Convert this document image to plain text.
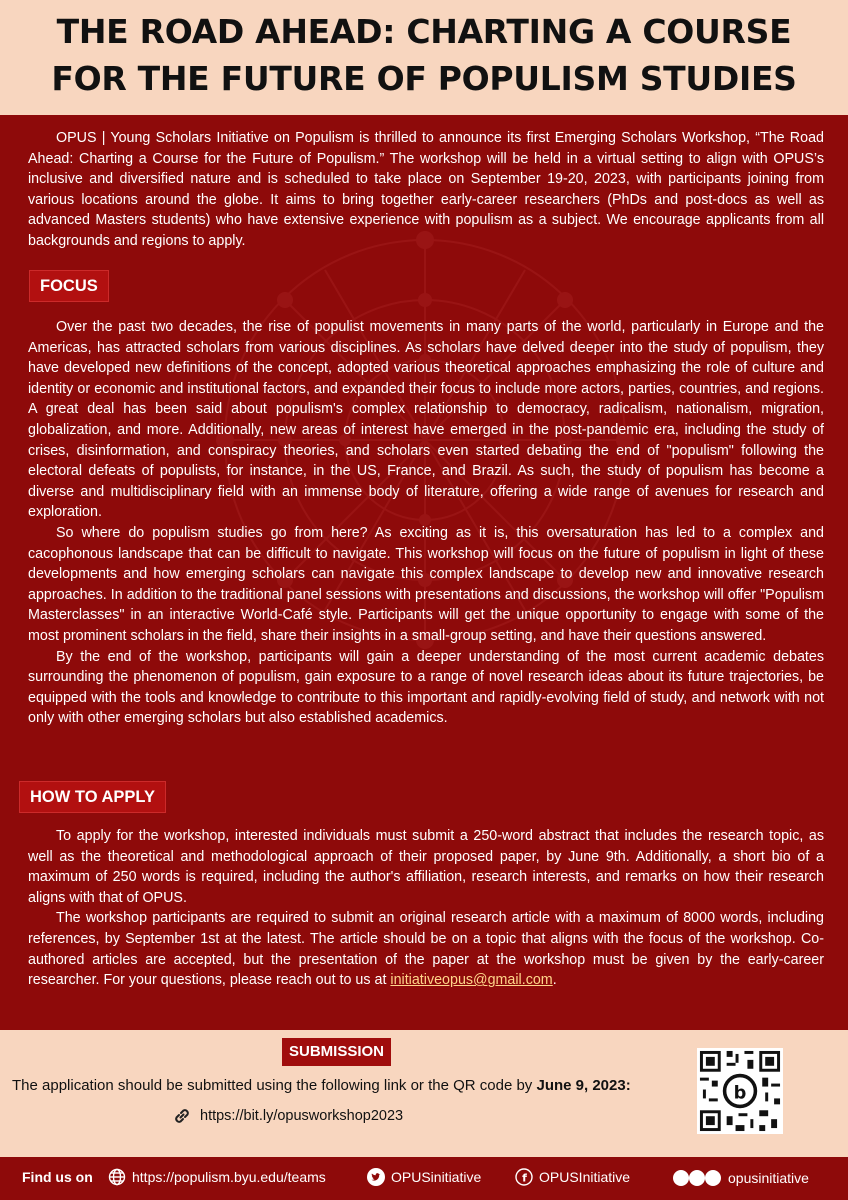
THE ROAD AHEAD: CHARTING A COURSE
FOR THE FUTURE OF POPULISM STUDIES

OPUS | Young Scholars Initiative on Populism is thrilled to announce its first Emerging Scholars Workshop, “The Road Ahead: Charting a Course for the Future of Populism.” The workshop will be held in a virtual setting to align with OPUS’s inclusive and diversified nature and is scheduled to take place on September 19-20, 2023, with participants joining from various locations around the globe. It aims to bring together early-career researchers (PhDs and post-docs as well as advanced Masters students) who have extensive experience with populism as a subject. We encourage applicants from all backgrounds and regions to apply.

FOCUS

Over the past two decades, the rise of populist movements in many parts of the world, particularly in Europe and the Americas, has attracted scholars from various disciplines. As scholars have delved deeper into the study of populism, they have developed new definitions of the concept, adopted various theoretical approaches emphasizing the role of culture and identity or economic and institutional factors, and expanded their focus to include more actors, parties, countries, and regions. A great deal has been said about populism's complex relationship to democracy, radicalism, nationalism, migration, globalization, and more. Additionally, new areas of interest have emerged in the post-pandemic era, including the study of crises, disinformation, and conspiracy theories, and scholars even started debating the end of "populism" following the electoral defeats of populists, for instance, in the US, France, and Brazil. As such, the study of populism has become a diverse and multidisciplinary field with an immense body of literature, offering a wide range of avenues for research and exploration.

So where do populism studies go from here? As exciting as it is, this oversaturation has led to a complex and cacophonous landscape that can be difficult to navigate. This workshop will focus on the future of populism in light of these developments and how emerging scholars can navigate this complex landscape to develop new and innovative research approaches. In addition to the traditional panel sessions with presentations and discussions, the workshop will offer "Populism Masterclasses" in an interactive World-Café style. Participants will get the unique opportunity to engage with some of the most prominent scholars in the field, share their insights in a small-group setting, and have their questions answered.

By the end of the workshop, participants will gain a deeper understanding of the most current academic debates surrounding the phenomenon of populism, gain exposure to a range of novel research ideas about its future trajectories, be equipped with the tools and knowledge to contribute to this important and rapidly-evolving field of study, and network with not only with other emerging scholars but also established academics.

HOW TO APPLY

To apply for the workshop, interested individuals must submit a 250-word abstract that includes the research topic, as well as the theoretical and methodological approach of their proposed paper, by June 9th. Additionally, a short bio of a maximum of 250 words is required, including the author's affiliation, research interests, and remarks on how their research aligns with that of OPUS.

The workshop participants are required to submit an original research article with a maximum of 8000 words, including references, by September 1st at the latest. The article should be on a topic that aligns with the focus of the workshop. Co-authored articles are accepted, but the presentation of the paper at the workshop must be given by the early-career researcher. For your questions, please reach out to us at initiativeopus@gmail.com.

SUBMISSION
The application should be submitted using the following link or the QR code by June 9, 2023:
https://bit.ly/opusworkshop2023
b
Find us on	https://populism.byu.edu/teams	OPUSinitiative	f OPUSInitiative	opusinitiative
